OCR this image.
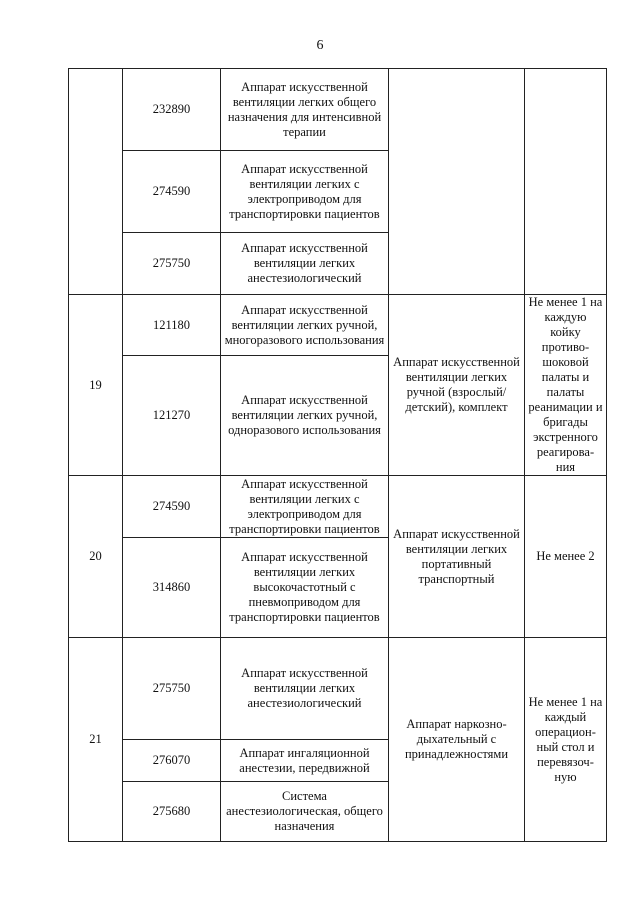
6
	232890	Аппарат искусственной вентиляции легких общего назначения для интенсивной терапии		
	274590	Аппарат искусственной вентиляции легких с электроприводом для транспортировки пациентов		
	275750	Аппарат искусственной вентиляции легких анестезиологический		
19	121180	Аппарат искусственной вентиляции легких ручной, многоразового использования	Аппарат искусственной вентиляции легких ручной (взрослый/детский), комплект	Не менее 1 на каждую койку противо-шоковой палаты и палаты реанимации и бригады экстренного реагирова-ния
	121270	Аппарат искусственной вентиляции легких ручной, одноразового использования		
20	274590	Аппарат искусственной вентиляции легких с электроприводом для транспортировки пациентов	Аппарат искусственной вентиляции легких портативный транспортный	Не менее 2
	314860	Аппарат искусственной вентиляции легких высокочастотный с пневмоприводом для транспортировки пациентов		
21	275750	Аппарат искусственной вентиляции легких анестезиологический	Аппарат наркозно-дыхательный с принадлежностями	Не менее 1 на каждый операцион-ный стол и перевязоч-ную
	276070	Аппарат ингаляционной анестезии, передвижной		
	275680	Система анестезиологическая, общего назначения		
